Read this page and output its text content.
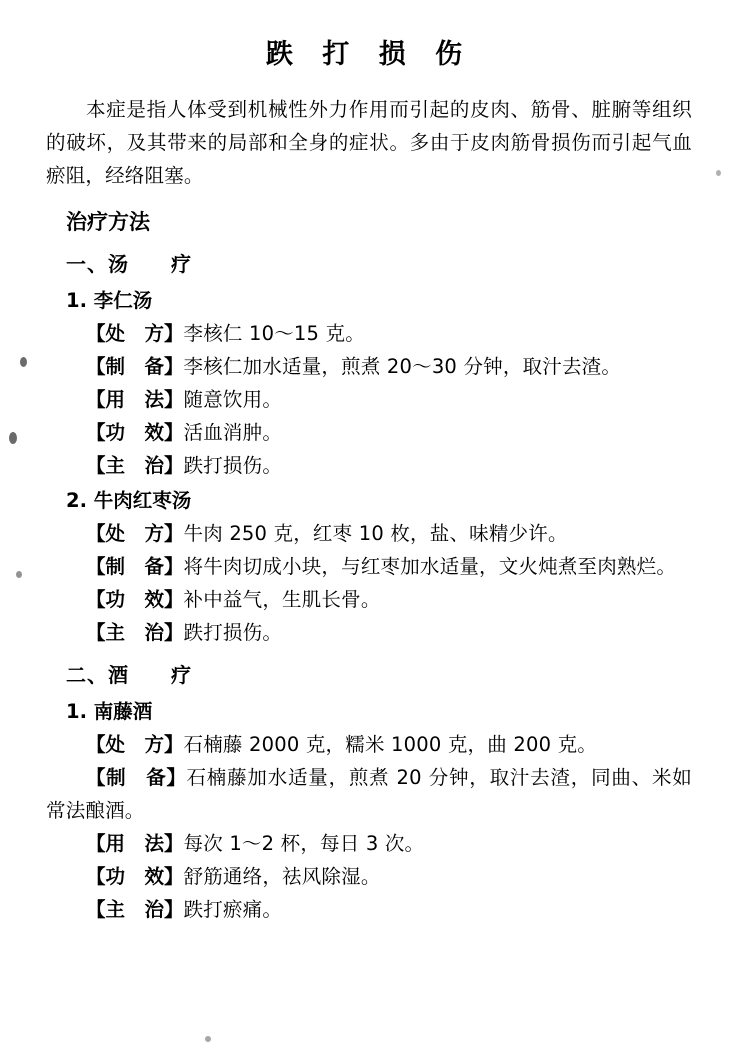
跌 打 损 伤

本症是指人体受到机械性外力作用而引起的皮肉、筋骨、脏腑等组织的破坏，及其带来的局部和全身的症状。多由于皮肉筋骨损伤而引起气血瘀阻，经络阻塞。

治疗方法
一、汤　　疗
1. 李仁汤

【处　方】李核仁 10～15 克。

【制　备】李核仁加水适量，煎煮 20～30 分钟，取汁去渣。

【用　法】随意饮用。

【功　效】活血消肿。

【主　治】跌打损伤。

2. 牛肉红枣汤

【处　方】牛肉 250 克，红枣 10 枚，盐、味精少许。

【制　备】将牛肉切成小块，与红枣加水适量，文火炖煮至肉熟烂。

【功　效】补中益气，生肌长骨。

【主　治】跌打损伤。

二、酒　　疗
1. 南藤酒

【处　方】石楠藤 2000 克，糯米 1000 克，曲 200 克。

【制　备】石楠藤加水适量，煎煮 20 分钟，取汁去渣，同曲、米如常法酿酒。

【用　法】每次 1～2 杯，每日 3 次。

【功　效】舒筋通络，祛风除湿。

【主　治】跌打瘀痛。
